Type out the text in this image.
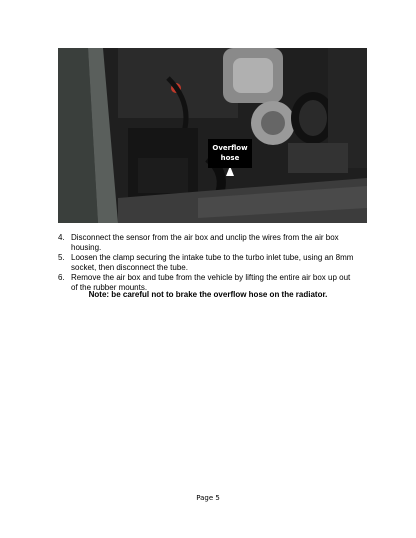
Overflow
hose
4. Disconnect the sensor from the air box and unclip the wires from the air box housing.
5. Loosen the clamp securing the intake tube to the turbo inlet tube, using an 8mm socket, then disconnect the tube.
6. Remove the air box and tube from the vehicle by lifting the entire air box up out of the rubber mounts.
Note: be careful not to brake the overflow hose on the radiator.
Page 5
